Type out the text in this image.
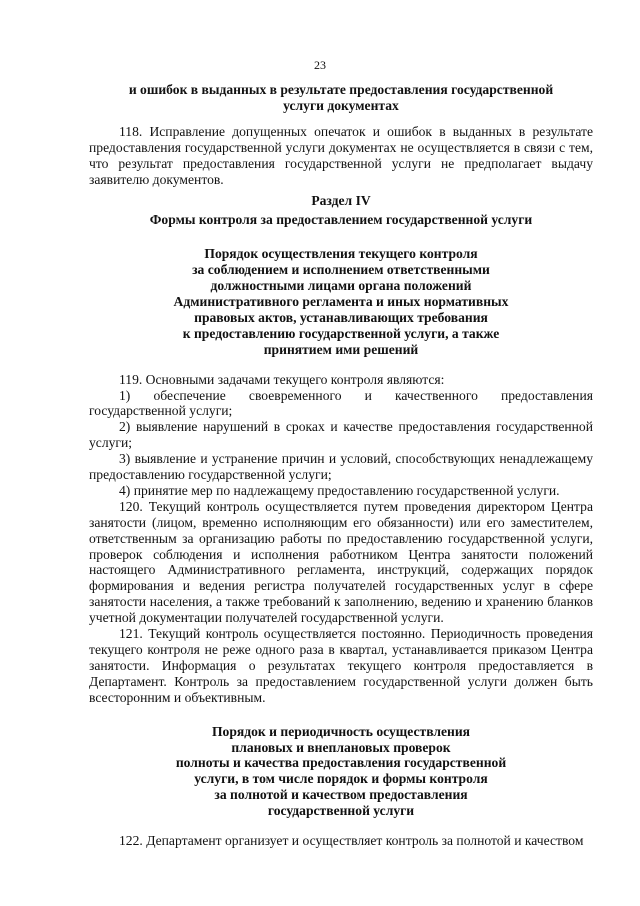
23
и ошибок в выданных в результате предоставления государственной
услуги документах

118. Исправление допущенных опечаток и ошибок в выданных в результате предоставления государственной услуги документах не осуществляется в связи с тем, что результат предоставления государственной услуги не предполагает выдачу заявителю документов.

Раздел IV
Формы контроля за предоставлением государственной услуги
Порядок осуществления текущего контроля
за соблюдением и исполнением ответственными
должностными лицами органа положений
Административного регламента и иных нормативных
правовых актов, устанавливающих требования
к предоставлению государственной услуги, а также
принятием ими решений

119. Основными задачами текущего контроля являются:

1) обеспечение своевременного и качественного предоставления государственной услуги;

2) выявление нарушений в сроках и качестве предоставления государственной услуги;

3) выявление и устранение причин и условий, способствующих ненадлежащему предоставлению государственной услуги;

4) принятие мер по надлежащему предоставлению государственной услуги.

120. Текущий контроль осуществляется путем проведения директором Центра занятости (лицом, временно исполняющим его обязанности) или его заместителем, ответственным за организацию работы по предоставлению государственной услуги, проверок соблюдения и исполнения работником Центра занятости положений настоящего Административного регламента, инструкций, содержащих порядок формирования и ведения регистра получателей государственных услуг в сфере занятости населения, а также требований к заполнению, ведению и хранению бланков учетной документации получателей государственной услуги.

121. Текущий контроль осуществляется постоянно. Периодичность проведения текущего контроля не реже одного раза в квартал, устанавливается приказом Центра занятости. Информация о результатах текущего контроля предоставляется в Департамент. Контроль за предоставлением государственной услуги должен быть всесторонним и объективным.

Порядок и периодичность осуществления
плановых и внеплановых проверок
полноты и качества предоставления государственной
услуги, в том числе порядок и формы контроля
за полнотой и качеством предоставления
государственной услуги

122. Департамент организует и осуществляет контроль за полнотой и качеством
